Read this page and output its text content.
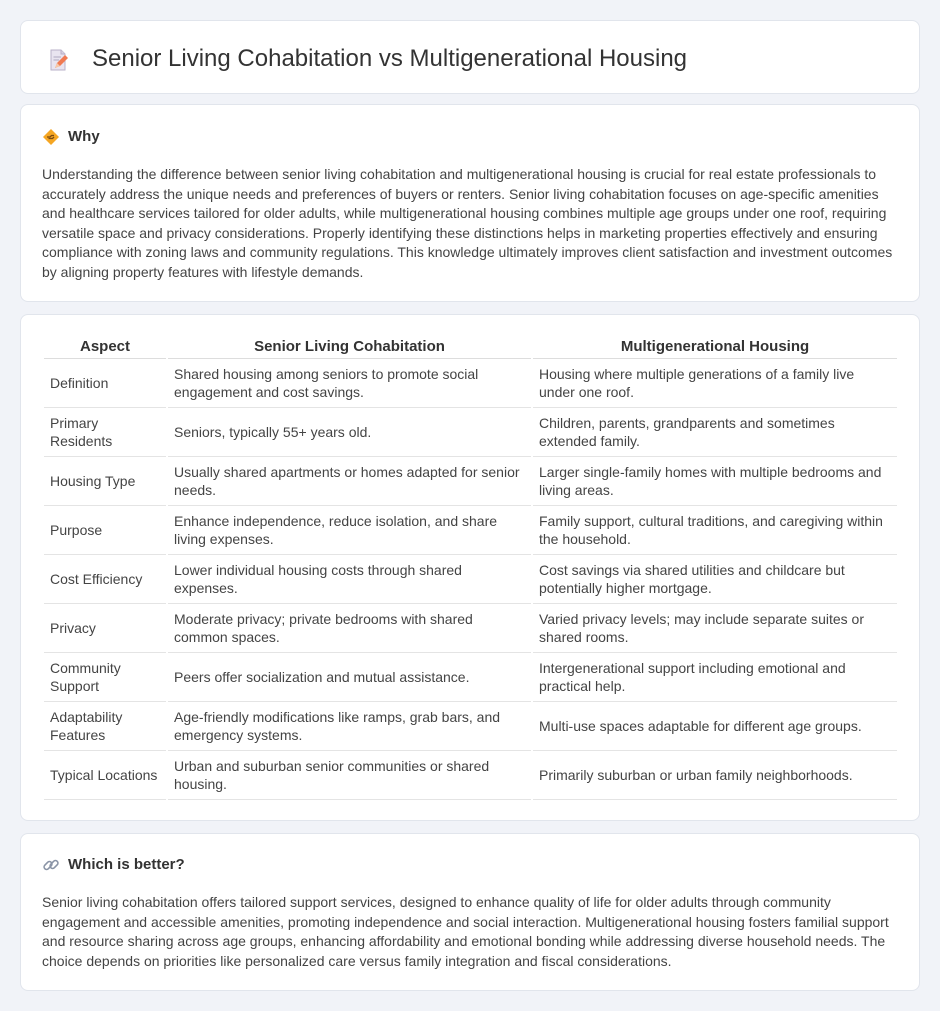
Senior Living Cohabitation vs Multigenerational Housing
Why

Understanding the difference between senior living cohabitation and multigenerational housing is crucial for real estate professionals to accurately address the unique needs and preferences of buyers or renters. Senior living cohabitation focuses on age-specific amenities and healthcare services tailored for older adults, while multigenerational housing combines multiple age groups under one roof, requiring versatile space and privacy considerations. Properly identifying these distinctions helps in marketing properties effectively and ensuring compliance with zoning laws and community regulations. This knowledge ultimately improves client satisfaction and investment outcomes by aligning property features with lifestyle demands.

Aspect	Senior Living Cohabitation	Multigenerational Housing
Definition	Shared housing among seniors to promote social engagement and cost savings.	Housing where multiple generations of a family live under one roof.
Primary Residents	Seniors, typically 55+ years old.	Children, parents, grandparents and sometimes extended family.
Housing Type	Usually shared apartments or homes adapted for senior needs.	Larger single-family homes with multiple bedrooms and living areas.
Purpose	Enhance independence, reduce isolation, and share living expenses.	Family support, cultural traditions, and caregiving within the household.
Cost Efficiency	Lower individual housing costs through shared expenses.	Cost savings via shared utilities and childcare but potentially higher mortgage.
Privacy	Moderate privacy; private bedrooms with shared common spaces.	Varied privacy levels; may include separate suites or shared rooms.
Community Support	Peers offer socialization and mutual assistance.	Intergenerational support including emotional and practical help.
Adaptability Features	Age-friendly modifications like ramps, grab bars, and emergency systems.	Multi-use spaces adaptable for different age groups.
Typical Locations	Urban and suburban senior communities or shared housing.	Primarily suburban or urban family neighborhoods.
Which is better?

Senior living cohabitation offers tailored support services, designed to enhance quality of life for older adults through community engagement and accessible amenities, promoting independence and social interaction. Multigenerational housing fosters familial support and resource sharing across age groups, enhancing affordability and emotional bonding while addressing diverse household needs. The choice depends on priorities like personalized care versus family integration and fiscal considerations.
